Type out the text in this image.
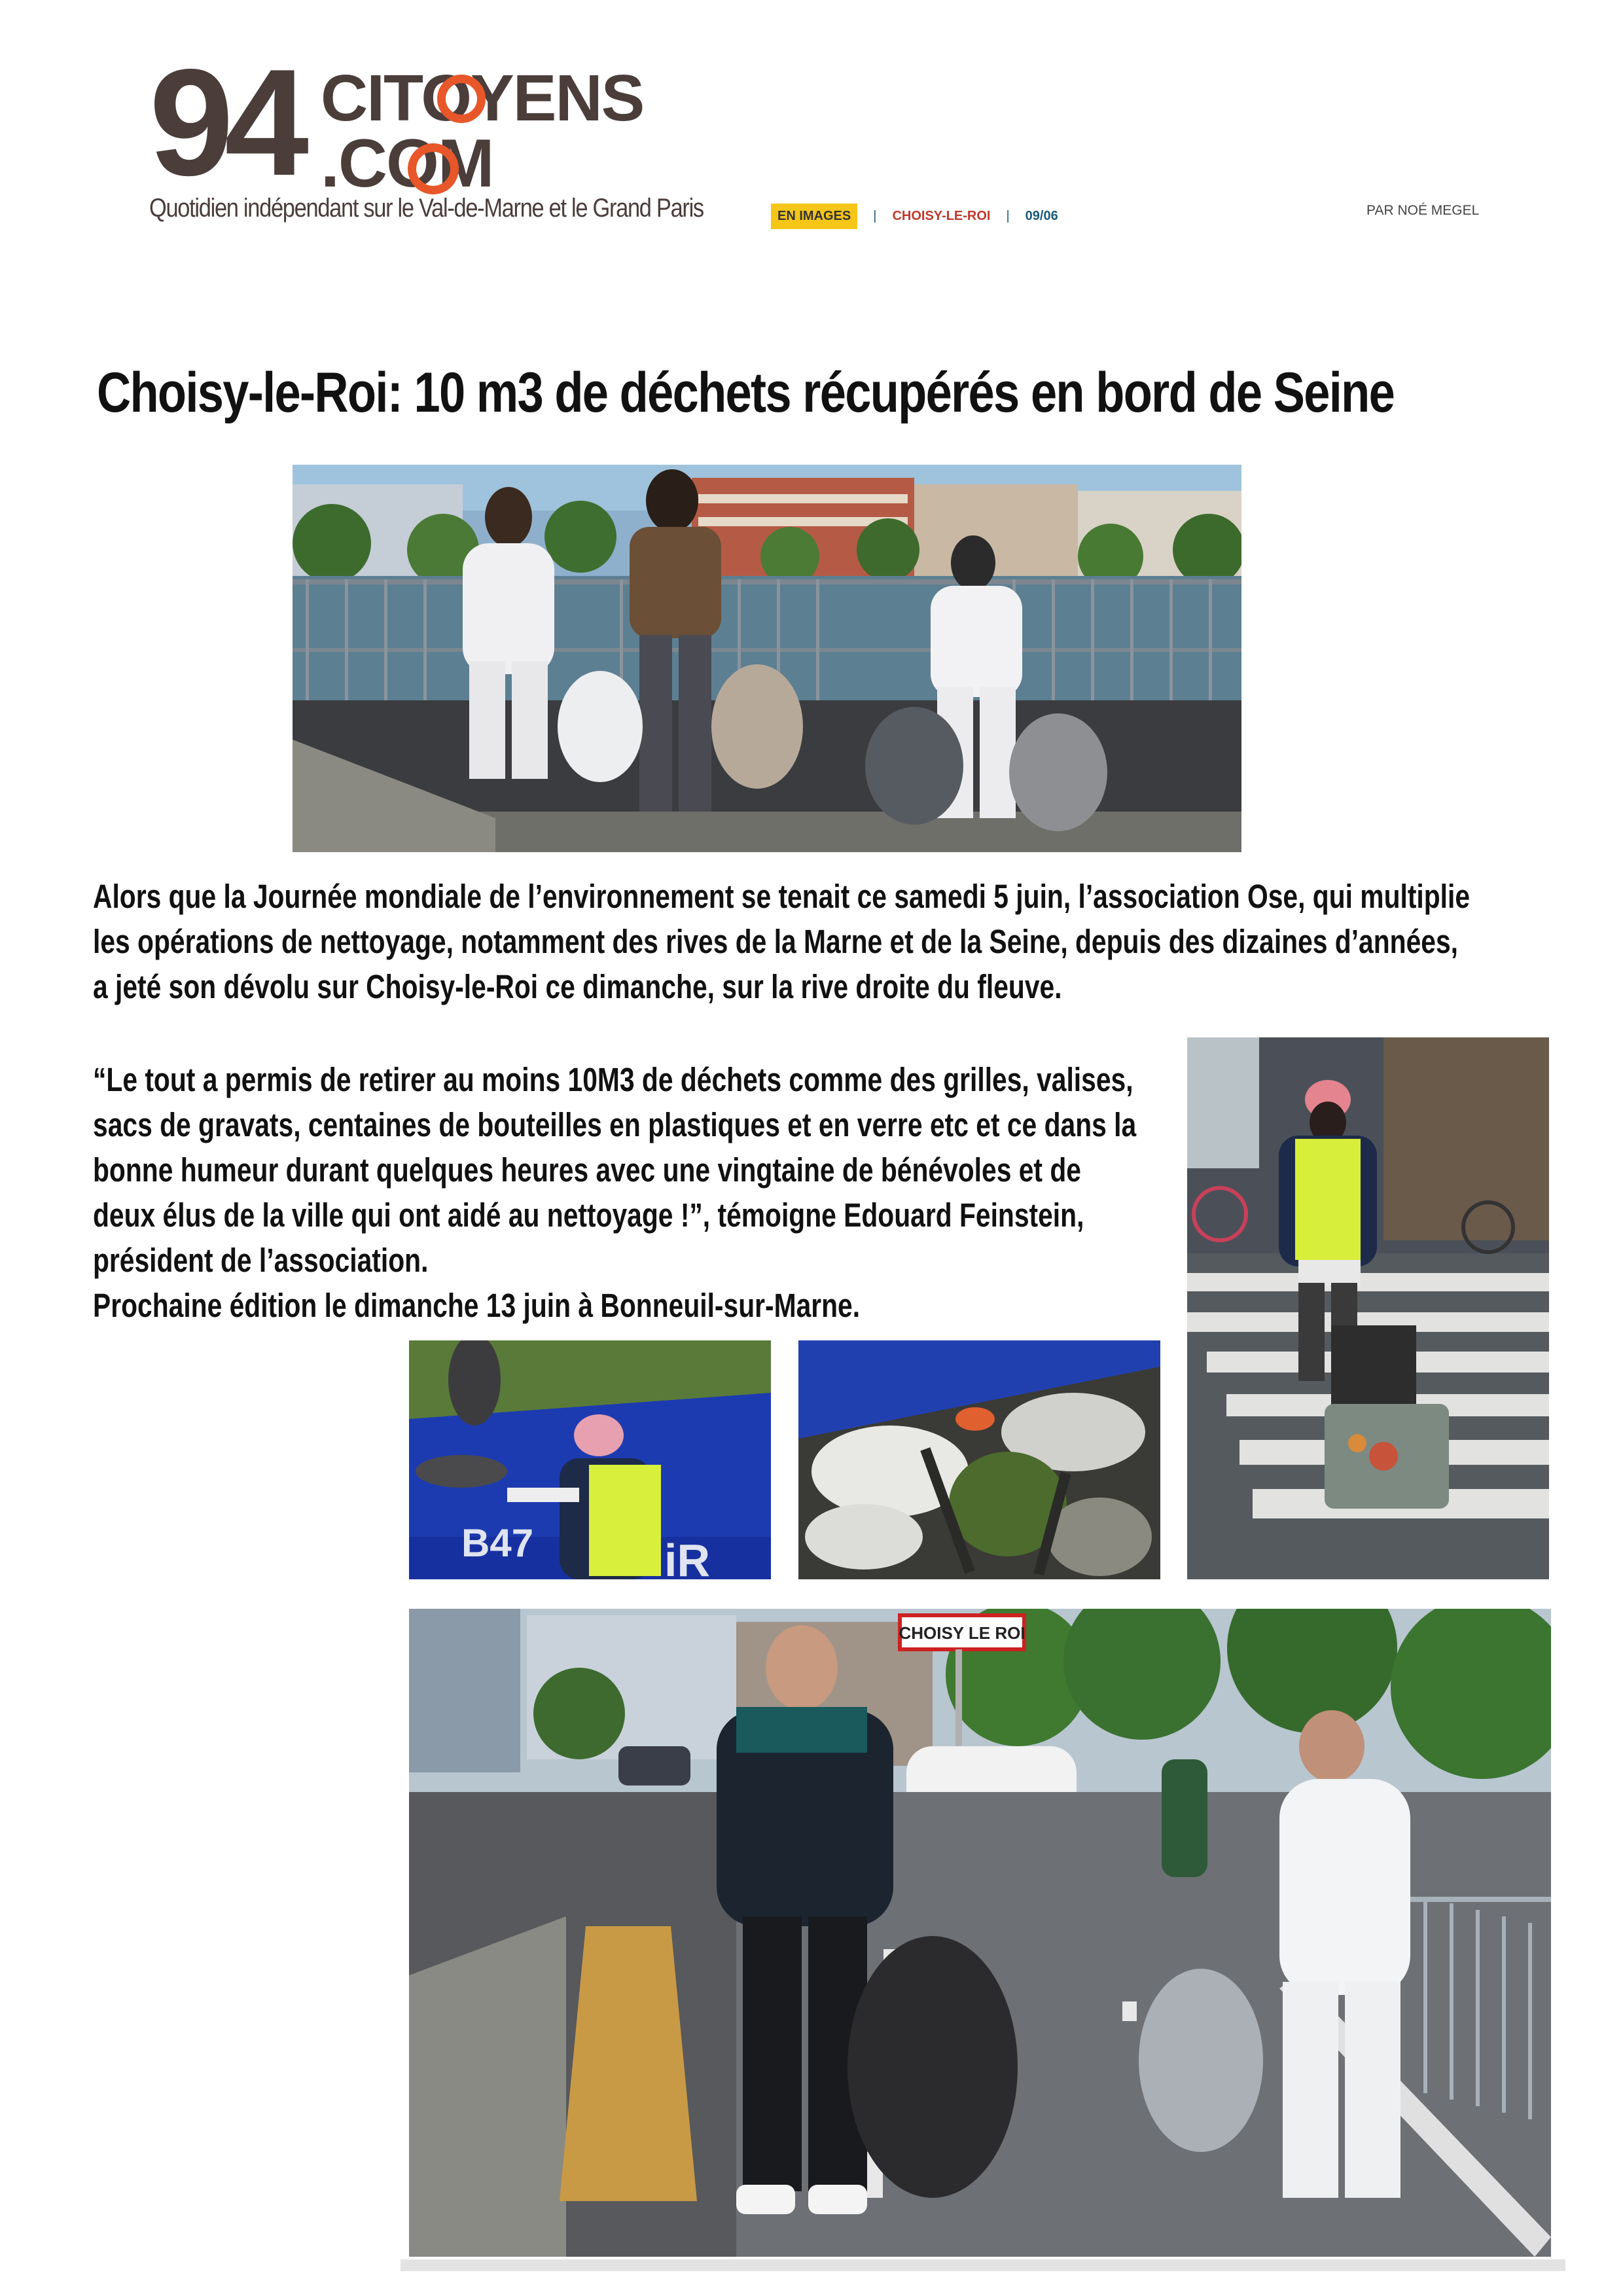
94 CITOYENS
.COM
Quotidien indépendant sur le Val-de-Marne et le Grand Paris	EN IMAGES	| CHOISY-LE-ROI | 09/06	PAR NOÉ MEGEL
Choisy-le-Roi: 10 m3 de déchets récupérés en bord de Seine
Alors que la Journée mondiale de l’environnement se tenait ce samedi 5 juin, l’association Ose, qui multiplie
les opérations de nettoyage, notamment des rives de la Marne et de la Seine, depuis des dizaines d’années,
a jeté son dévolu sur Choisy-le-Roi ce dimanche, sur la rive droite du fleuve.
“Le tout a permis de retirer au moins 10M3 de déchets comme des grilles, valises,
sacs de gravats, centaines de bouteilles en plastiques et en verre etc et ce dans la
bonne humeur durant quelques heures avec une vingtaine de bénévoles et de
deux élus de la ville qui ont aidé au nettoyage !”, témoigne Edouard Feinstein,
président de l’association.
Prochaine édition le dimanche 13 juin à Bonneuil-sur-Marne.
B47	iR
CHOISY LE ROI
